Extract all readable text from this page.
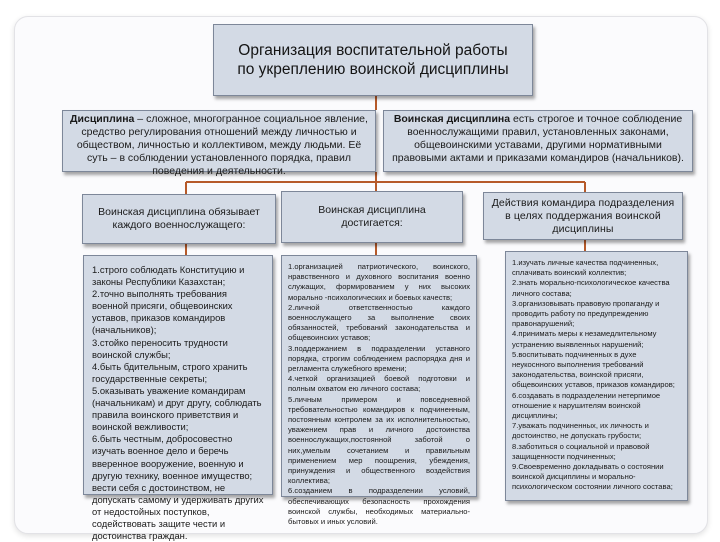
Организация воспитательной работы
по укреплению воинской дисциплины
Дисциплина – сложное, многогранное социальное явление, средство регулирования отношений между личностью и обществом, личностью и коллективом, между людьми. Её суть – в соблюдении установленного порядка, правил поведения и деятельности.
Воинская дисциплина есть строгое и точное соблюдение военнослужащими правил, установленных законами, общевоинскими уставами, другими нормативными правовыми актами и приказами командиров (начальников).
Воинская дисциплина обязывает каждого военнослужащего:
Воинская дисциплина достигается:
Действия командира подразделения в целях поддержания воинской дисциплины
1.строго соблюдать Конституцию и законы Республики Казахстан;
2.точно выполнять требования военной присяги, общевоинских уставов, приказов командиров (начальников);
3.стойко переносить трудности воинской службы;
4.быть бдительным, строго хранить государственные секреты;
5.оказывать уважение командирам (начальникам) и друг другу, соблюдать правила воинского приветствия и воинской вежливости;
6.быть честным, добросовестно изучать военное дело и беречь вверенное вооружение, военную и другую технику, военное имущество;
вести себя с достоинством, не допускать самому и удерживать других от недостойных поступков, содействовать защите чести и достоинства граждан.
1.организацией патриотического, воинского, нравственного и духовного воспитания военно служащих, формированием у них высоких морально -психологических и боевых качеств;
2.личной ответственностью каждого военнослужащего за выполнение своих обязанностей, требований законодательства и общевоинских уставов;
3.поддержанием в подразделении уставного порядка, строгим соблюдением распорядка дня и регламента служебного времени;
4.четкой организацией боевой подготовки и полным охватом ею личного состава;
5.личным примером и повседневной требовательностью командиров к подчиненным, постоянным контролем за их исполнительностью, уважением прав и личного достоинства военнослужащих,постоянной заботой о них,умелым сочетанием и правильным применением мер поощрения, убеждения, принуждения и общественного воздействия коллектива;
6.созданием в подразделении условий, обеспечивающих безопасность прохождения воинской службы, необходимых материально-бытовых и иных условий.
1.изучать личные качества подчиненных, сплачивать воинский коллектив;
2.знать морально-психологическое качества личного состава;
3.организовывать правовую пропаганду и проводить работу по предупреждению правонарушений;
4.принимать меры к незамедлительному устранению выявленных нарушений;
5.воспитывать подчиненных в духе неукоснного выполнения требований законодательства, воинской присяги, общевоинских уставов, приказов командиров;
6.создавать в подразделении нетерпимое отношение к нарушителям воинской дисциплины;
7.уважать подчиненных, их личность и достоинство, не допускать грубости;
8.заботиться о социальной и правовой защищенности подчиненных;
9.Своевременно докладывать о состоянии воинской дисциплины и морально-психологическом состоянии личного состава;
